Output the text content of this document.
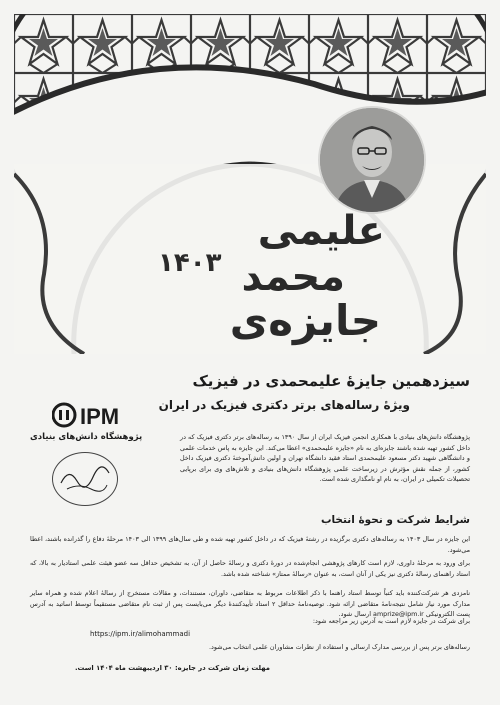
علیمی
محمد
جایزه‌ی
۱۴۰۳
سیزدهمین جایزهٔ علیمحمدی در فیزیک
ویژهٔ رساله‌های برتر دکتری فیزیک در ایران
IPM
پژوهشگاه دانش‌های بنیادی	پژوهشگاه دانش‌های بنیادی با همکاری انجمن فیزیک ایران از سال ۱۳۹۰ به رساله‌های برتر دکتری فیزیک که در داخل کشور تهیه شده باشند جایزه‌ای به نام «جایزه علیمحمدی» اعطا می‌کند. این جایزه به پاس خدمات علمی و دانشگاهی شهید دکتر مسعود علیمحمدی استاد فقید دانشگاه تهران و اولین دانش‌آموختهٔ دکتری فیزیک داخل کشور، از جمله نقش مؤثرش در زیرساخت علمی پژوهشگاه دانش‌های بنیادی و تلاش‌های وی برای برپایی تحصیلات تکمیلی در ایران، به نام او نامگذاری شده است.
شرایط شرکت و نحوهٔ انتخاب
این جایزه در سال ۱۴۰۳ به رساله‌های دکتری برگزیده در رشتهٔ فیزیک که در داخل کشور تهیه شده و طی سال‌های ۱۳۹۹ الی ۱۴۰۳ مرحلهٔ دفاع را گذرانده باشند، اعطا می‌شود.
برای ورود به مرحلهٔ داوری، لازم است کارهای پژوهشی انجام‌شده در دورهٔ دکتری و رسالهٔ حاصل از آن، به تشخیص حداقل سه عضو هیئت علمی استادیار به بالا، که استاد راهنمای رسالهٔ دکتری نیز یکی از آنان است، به عنوان «رسالهٔ ممتاز» شناخته شده باشد.
نامزدی هر شرکت‌کننده باید کتباً توسط استاد راهنما با ذکر اطلاعات مربوط به متقاضی، داوران، مستندات، و مقالات مستخرج از رسالهٔ اعلام شده و همراه سایر مدارک مورد نیاز شامل نتیجه‌نامهٔ متقاضی ارائه شود. توصیه‌نامهٔ حداقل ۲ استاد تأییدکنندهٔ دیگر می‌بایست پس از ثبت نام متقاضی مستقیماً توسط اساتید به آدرس پست الکترونیکی amprize@ipm.ir ارسال شود.
برای شرکت در جایزه لازم است به آدرس زیر مراجعه شود:
https://ipm.ir/alimohammadi
رساله‌های برتر پس از بررسی مدارک ارسالی و استفاده از نظرات مشاوران علمی انتخاب می‌شود.
مهلت زمان شرکت در جایزه: ۳۰ اردیبهشت ماه ۱۴۰۴ است.
